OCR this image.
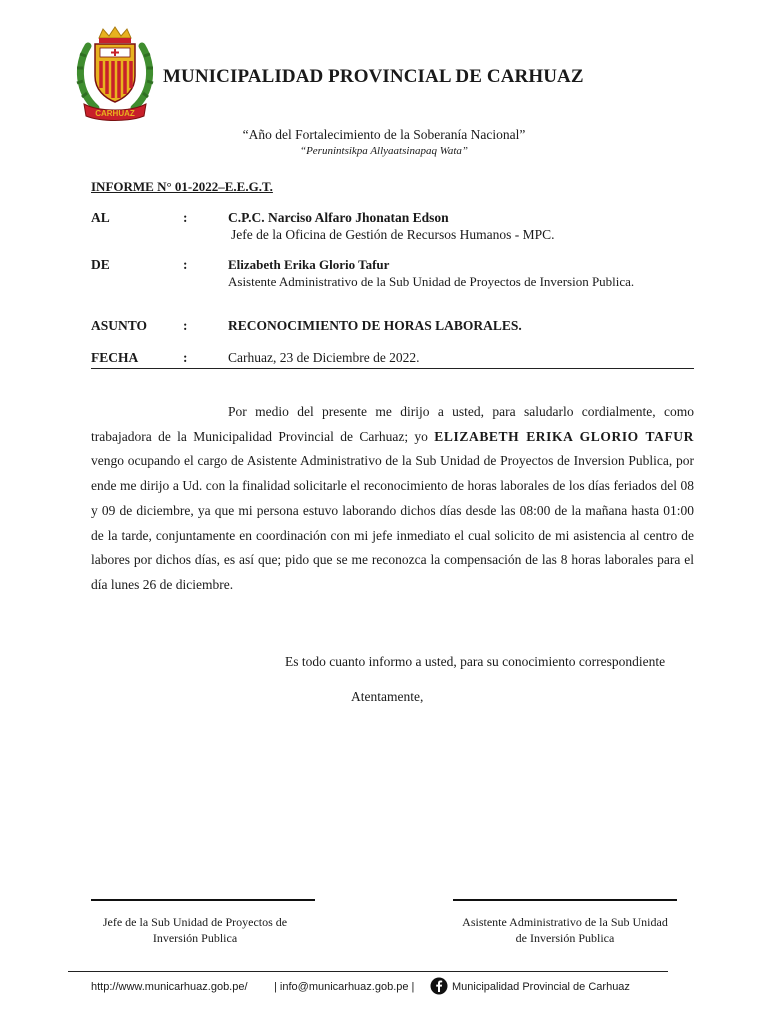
CARHUAZ
MUNICIPALIDAD PROVINCIAL DE CARHUAZ
“Año del Fortalecimiento de la Soberanía Nacional”
“Perunintsikpa Allyaatsinapaq Wata”
INFORME N° 01-2022–E.E.G.T.
AL	:	C.P.C. Narciso Alfaro Jhonatan Edson
Jefe de la Oficina de Gestión de Recursos Humanos - MPC.
DE	:	Elizabeth Erika Glorio Tafur
Asistente Administrativo de la Sub Unidad de Proyectos de Inversion Publica.
ASUNTO	:	RECONOCIMIENTO DE HORAS LABORALES.
FECHA	:	Carhuaz, 23 de Diciembre de 2022.
Por medio del presente me dirijo a usted, para saludarlo cordialmente, como trabajadora de la Municipalidad Provincial de Carhuaz; yo ELIZABETH ERIKA GLORIO TAFUR vengo ocupando el cargo de Asistente Administrativo de la Sub Unidad de Proyectos de Inversion Publica, por ende me dirijo a Ud. con la finalidad solicitarle el reconocimiento de horas laborales de los días feriados del 08 y 09 de diciembre, ya que mi persona estuvo laborando dichos días desde las 08:00 de la mañana hasta 01:00 de la tarde, conjuntamente en coordinación con mi jefe inmediato el cual solicito de mi asistencia al centro de labores por dichos días, es así que; pido que se me reconozca la compensación de las 8 horas laborales para el día lunes 26 de diciembre.
Es todo cuanto informo a usted, para su conocimiento correspondiente
Atentamente,
Jefe de la Sub Unidad de Proyectos de
Inversión Publica
Asistente Administrativo de la Sub Unidad
de Inversión Publica
http://www.municarhuaz.gob.pe/ | info@municarhuaz.gob.pe |	Municipalidad Provincial de Carhuaz
